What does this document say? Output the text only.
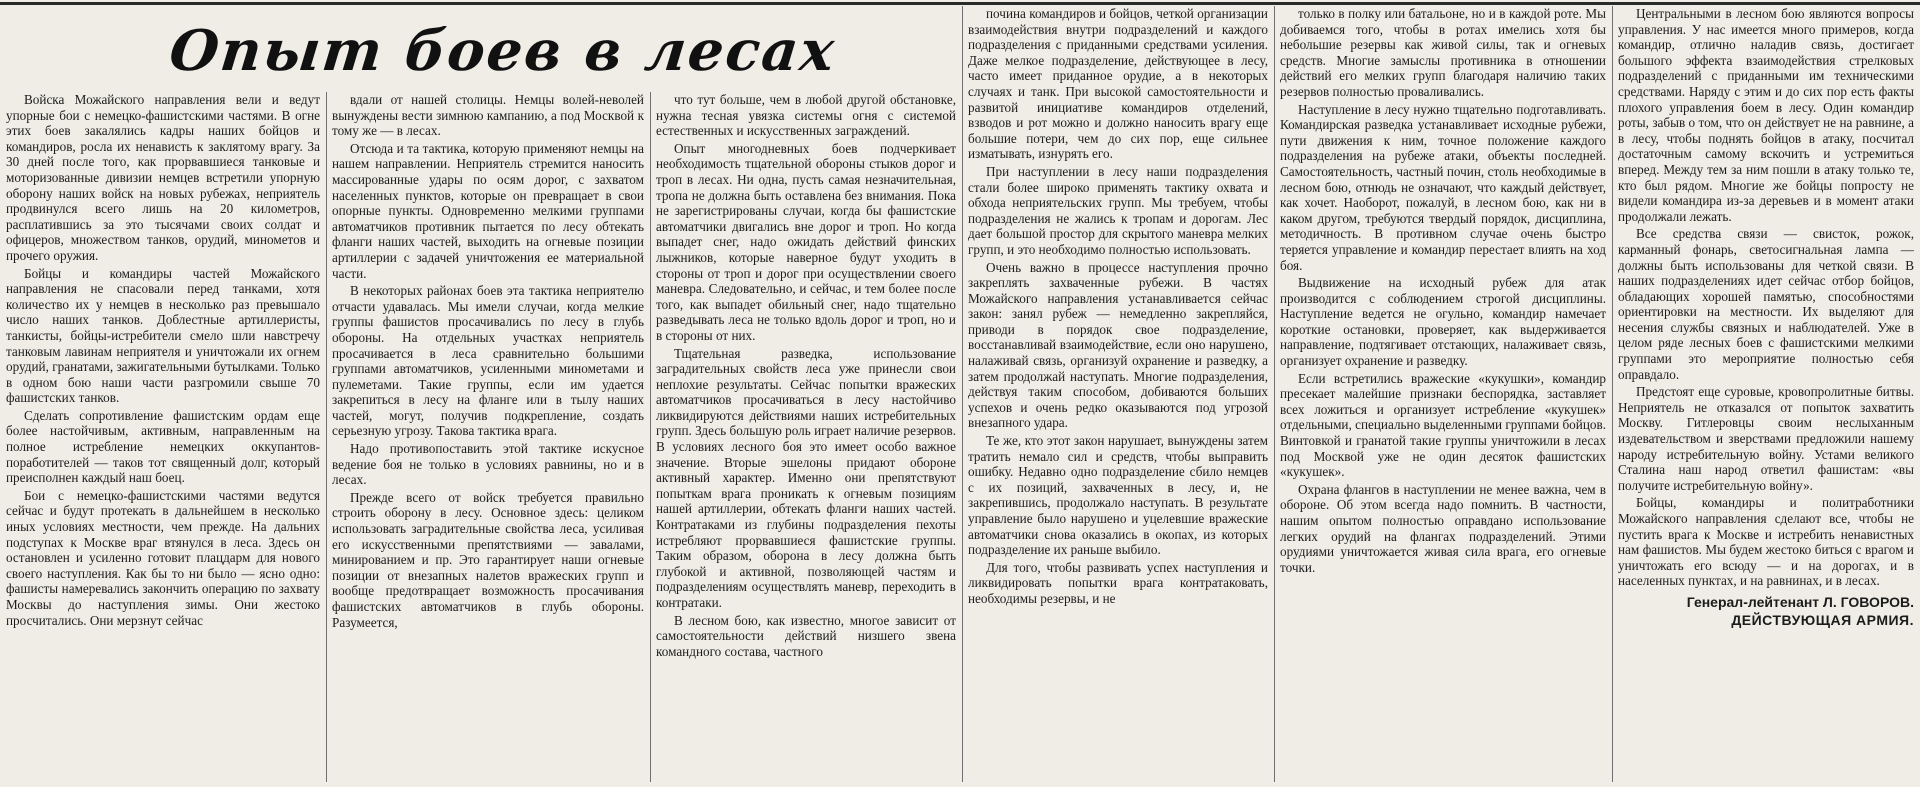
Опыт боев в лесах

Войска Можайского направления вели и ведут упорные бои с немецко-фашистскими частями. В огне этих боев закалялись кадры наших бойцов и командиров, росла их ненависть к заклятому врагу. За 30 дней после того, как прорвавшиеся танковые и моторизованные дивизии немцев встретили упорную оборону наших войск на новых рубежах, неприятель продвинулся всего лишь на 20 километров, расплатившись за это тысячами своих солдат и офицеров, множеством танков, орудий, минометов и прочего оружия.

Бойцы и командиры частей Можайского направления не спасовали перед танками, хотя количество их у немцев в несколько раз превышало число наших танков. Доблестные артиллеристы, танкисты, бойцы-истребители смело шли навстречу танковым лавинам неприятеля и уничтожали их огнем орудий, гранатами, зажигательными бутылками. Только в одном бою наши части разгромили свыше 70 фашистских танков.

Сделать сопротивление фашистским ордам еще более настойчивым, активным, направленным на полное истребление немецких оккупантов-поработителей — таков тот священный долг, который преисполнен каждый наш боец.

Бои с немецко-фашистскими частями ведутся сейчас и будут протекать в дальнейшем в несколько иных условиях местности, чем прежде. На дальних подступах к Москве враг втянулся в леса. Здесь он остановлен и усиленно готовит плацдарм для нового своего наступления. Как бы то ни было — ясно одно: фашисты намеревались закончить операцию по захвату Москвы до наступления зимы. Они жестоко просчитались. Они мерзнут сейчас

вдали от нашей столицы. Немцы волей-неволей вынуждены вести зимнюю кампанию, а под Москвой к тому же — в лесах.

Отсюда и та тактика, которую применяют немцы на нашем направлении. Неприятель стремится наносить массированные удары по осям дорог, с захватом населенных пунктов, которые он превращает в свои опорные пункты. Одновременно мелкими группами автоматчиков противник пытается по лесу обтекать фланги наших частей, выходить на огневые позиции артиллерии с задачей уничтожения ее материальной части.

В некоторых районах боев эта тактика неприятелю отчасти удавалась. Мы имели случаи, когда мелкие группы фашистов просачивались по лесу в глубь обороны. На отдельных участках неприятель просачивается в леса сравнительно большими группами автоматчиков, усиленными минометами и пулеметами. Такие группы, если им удается закрепиться в лесу на фланге или в тылу наших частей, могут, получив подкрепление, создать серьезную угрозу. Такова тактика врага.

Надо противопоставить этой тактике искусное ведение боя не только в условиях равнины, но и в лесах.

Прежде всего от войск требуется правильно строить оборону в лесу. Основное здесь: целиком использовать заградительные свойства леса, усиливая его искусственными препятствиями — завалами, минированием и пр. Это гарантирует наши огневые позиции от внезапных налетов вражеских групп и вообще предотвращает возможность просачивания фашистских автоматчиков в глубь обороны. Разумеется,

что тут больше, чем в любой другой обстановке, нужна тесная увязка системы огня с системой естественных и искусственных заграждений.

Опыт многодневных боев подчеркивает необходимость тщательной обороны стыков дорог и троп в лесах. Ни одна, пусть самая незначительная, тропа не должна быть оставлена без внимания. Пока не зарегистрированы случаи, когда бы фашистские автоматчики двигались вне дорог и троп. Но когда выпадет снег, надо ожидать действий финских лыжников, которые наверное будут уходить в стороны от троп и дорог при осуществлении своего маневра. Следовательно, и сейчас, и тем более после того, как выпадет обильный снег, надо тщательно разведывать леса не только вдоль дорог и троп, но и в стороны от них.

Тщательная разведка, использование заградительных свойств леса уже принесли свои неплохие результаты. Сейчас попытки вражеских автоматчиков просачиваться в лесу настойчиво ликвидируются действиями наших истребительных групп. Здесь большую роль играет наличие резервов. В условиях лесного боя это имеет особо важное значение. Вторые эшелоны придают обороне активный характер. Именно они препятствуют попыткам врага проникать к огневым позициям нашей артиллерии, обтекать фланги наших частей. Контратаками из глубины подразделения пехоты истребляют прорвавшиеся фашистские группы. Таким образом, оборона в лесу должна быть глубокой и активной, позволяющей частям и подразделениям осуществлять маневр, переходить в контратаки.

В лесном бою, как известно, многое зависит от самостоятельности действий низшего звена командного состава, частного

почина командиров и бойцов, четкой организации взаимодействия внутри подразделений и каждого подразделения с приданными средствами усиления. Даже мелкое подразделение, действующее в лесу, часто имеет приданное орудие, а в некоторых случаях и танк. При высокой самостоятельности и развитой инициативе командиров отделений, взводов и рот можно и должно наносить врагу еще большие потери, чем до сих пор, еще сильнее изматывать, изнурять его.

При наступлении в лесу наши подразделения стали более широко применять тактику охвата и обхода неприятельских групп. Мы требуем, чтобы подразделения не жались к тропам и дорогам. Лес дает большой простор для скрытого маневра мелких групп, и это необходимо полностью использовать.

Очень важно в процессе наступления прочно закреплять захваченные рубежи. В частях Можайского направления устанавливается сейчас закон: занял рубеж — немедленно закрепляйся, приводи в порядок свое подразделение, восстанавливай взаимодействие, если оно нарушено, налаживай связь, организуй охранение и разведку, а затем продолжай наступать. Многие подразделения, действуя таким способом, добиваются больших успехов и очень редко оказываются под угрозой внезапного удара.

Те же, кто этот закон нарушает, вынуждены затем тратить немало сил и средств, чтобы выправить ошибку. Недавно одно подразделение сбило немцев с их позиций, захваченных в лесу, и, не закрепившись, продолжало наступать. В результате управление было нарушено и уцелевшие вражеские автоматчики снова оказались в окопах, из которых подразделение их раньше выбило.

Для того, чтобы развивать успех наступления и ликвидировать попытки врага контратаковать, необходимы резервы, и не

только в полку или батальоне, но и в каждой роте. Мы добиваемся того, чтобы в ротах имелись хотя бы небольшие резервы как живой силы, так и огневых средств. Многие замыслы противника в отношении действий его мелких групп благодаря наличию таких резервов полностью проваливались.

Наступление в лесу нужно тщательно подготавливать. Командирская разведка устанавливает исходные рубежи, пути движения к ним, точное положение каждого подразделения на рубеже атаки, объекты последней. Самостоятельность, частный почин, столь необходимые в лесном бою, отнюдь не означают, что каждый действует, как хочет. Наоборот, пожалуй, в лесном бою, как ни в каком другом, требуются твердый порядок, дисциплина, методичность. В противном случае очень быстро теряется управление и командир перестает влиять на ход боя.

Выдвижение на исходный рубеж для атак производится с соблюдением строгой дисциплины. Наступление ведется не огульно, командир намечает короткие остановки, проверяет, как выдерживается направление, подтягивает отстающих, налаживает связь, организует охранение и разведку.

Если встретились вражеские «кукушки», командир пресекает малейшие признаки беспорядка, заставляет всех ложиться и организует истребление «кукушек» отдельными, специально выделенными группами бойцов. Винтовкой и гранатой такие группы уничтожили в лесах под Москвой уже не один десяток фашистских «кукушек».

Охрана флангов в наступлении не менее важна, чем в обороне. Об этом всегда надо помнить. В частности, нашим опытом полностью оправдано использование легких орудий на флангах подразделений. Этими орудиями уничтожается живая сила врага, его огневые точки.

Центральными в лесном бою являются вопросы управления. У нас имеется много примеров, когда командир, отлично наладив связь, достигает большого эффекта взаимодействия стрелковых подразделений с приданными им техническими средствами. Наряду с этим и до сих пор есть факты плохого управления боем в лесу. Один командир роты, забыв о том, что он действует не на равнине, а в лесу, чтобы поднять бойцов в атаку, посчитал достаточным самому вскочить и устремиться вперед. Между тем за ним пошли в атаку только те, кто был рядом. Многие же бойцы попросту не видели командира из-за деревьев и в момент атаки продолжали лежать.

Все средства связи — свисток, рожок, карманный фонарь, светосигнальная лампа — должны быть использованы для четкой связи. В наших подразделениях идет сейчас отбор бойцов, обладающих хорошей памятью, способностями ориентировки на местности. Их выделяют для несения службы связных и наблюдателей. Уже в целом ряде лесных боев с фашистскими мелкими группами это мероприятие полностью себя оправдало.

Предстоят еще суровые, кровопролитные битвы. Неприятель не отказался от попыток захватить Москву. Гитлеровцы своим неслыханным издевательством и зверствами предложили нашему народу истребительную войну. Устами великого Сталина наш народ ответил фашистам: «вы получите истребительную войну».

Бойцы, командиры и политработники Можайского направления сделают все, чтобы не пустить врага к Москве и истребить ненавистных нам фашистов. Мы будем жестоко биться с врагом и уничтожать его всюду — и на дорогах, и в населенных пунктах, и на равнинах, и в лесах.

Генерал-лейтенант Л. ГОВОРОВ.
ДЕЙСТВУЮЩАЯ АРМИЯ.
